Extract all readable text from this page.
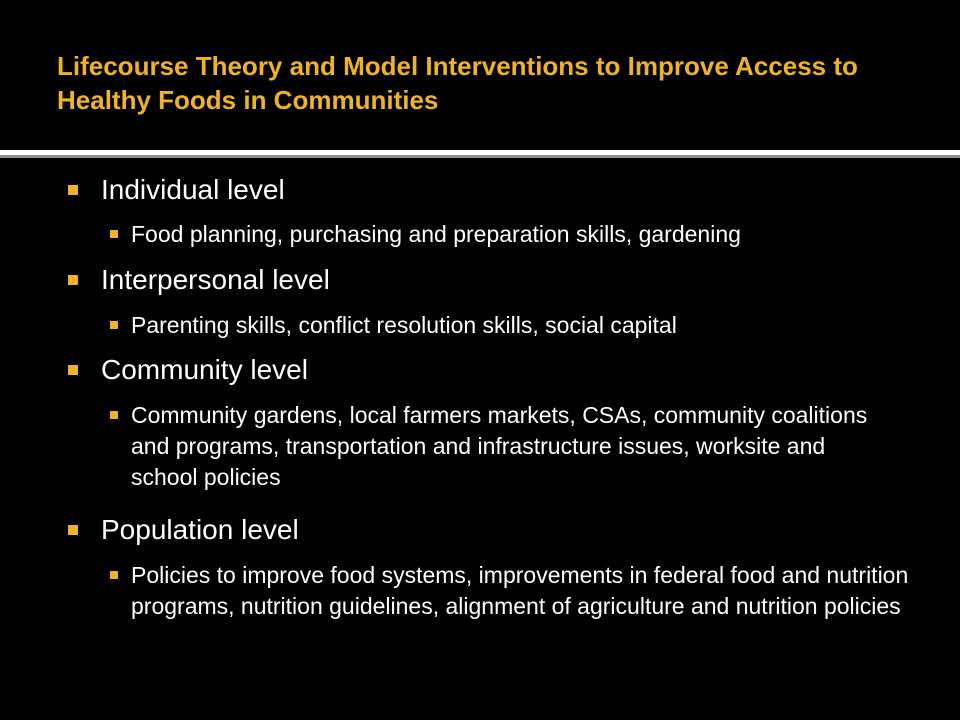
Lifecourse Theory and Model Interventions to Improve Access to Healthy Foods in Communities
Individual level
Food planning, purchasing and preparation skills, gardening
Interpersonal level
Parenting skills, conflict resolution skills, social capital
Community level
Community gardens, local farmers markets, CSAs, community coalitions and programs, transportation and infrastructure issues, worksite and school policies
Population level
Policies to improve food systems, improvements in federal food and nutrition programs, nutrition guidelines, alignment of agriculture and nutrition policies
